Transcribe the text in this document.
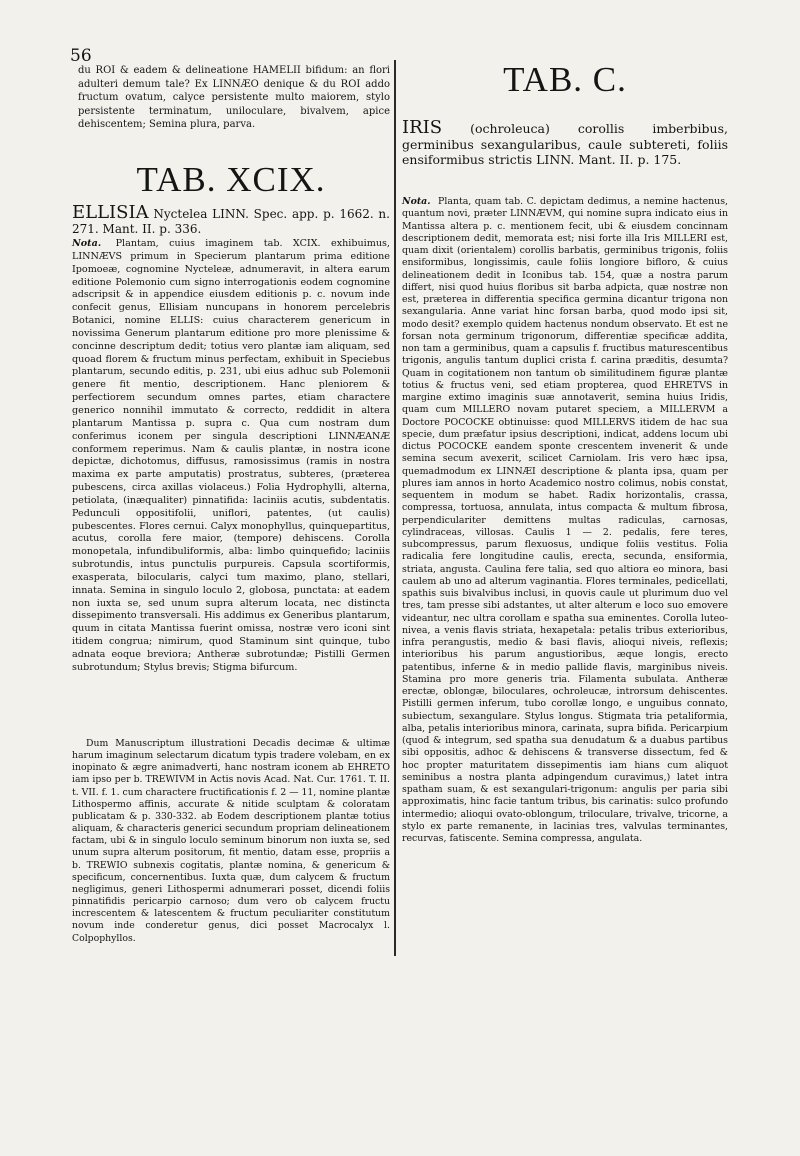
56

du ROI & eadem & delineatione HAMELII bifidum: an flori adulteri demum tale? Ex LINNÆO denique & du ROI addo fructum ovatum, calyce persistente multo maiorem, stylo persistente terminatum, uniloculare, bivalvem, apice dehiscentem; Semina plura, parva.

TAB. XCIX.

ELLISIA Nyctelea LINN. Spec. app. p. 1662. n. 271. Mant. II. p. 336.

Nota. Plantam, cuius imaginem tab. XCIX. exhibuimus, LINNÆVS primum in Specierum plantarum prima editione Ipomoeæ, cognomine Nycteleæ, adnumeravit, in altera earum editione Polemonio cum signo interrogationis eodem cognomine adscripsit & in appendice eiusdem editionis p. c. novum inde confecit genus, Ellisiam nuncupans in honorem percelebris Botanici, nomine ELLIS: cuius characterem genericum in novissima Generum plantarum editione pro more plenissime & concinne descriptum dedit; totius vero plantæ iam aliquam, sed quoad florem & fructum minus perfectam, exhibuit in Speciebus plantarum, secundo editis, p. 231, ubi eius adhuc sub Polemonii genere fit mentio, descriptionem. Hanc pleniorem & perfectiorem secundum omnes partes, etiam charactere generico nonnihil immutato & correcto, reddidit in altera plantarum Mantissa p. supra c. Qua cum nostram dum conferimus iconem per singula descriptioni LINNÆANÆ conformem reperimus. Nam & caulis plantæ, in nostra icone depictæ, dichotomus, diffusus, ramosissimus (ramis in nostra maxima ex parte amputatis) prostratus, subteres, (præterea pubescens, circa axillas violaceus.) Folia Hydrophylli, alterna, petiolata, (inæqualiter) pinnatifida: laciniis acutis, subdentatis. Pedunculi oppositifolii, uniflori, patentes, (ut caulis) pubescentes. Flores cernui. Calyx monophyllus, quinquepartitus, acutus, corolla fere maior, (tempore) dehiscens. Corolla monopetala, infundibuliformis, alba: limbo quinquefido; laciniis subrotundis, intus punctulis purpureis. Capsula scortiformis, exasperata, bilocularis, calyci tum maximo, plano, stellari, innata. Semina in singulo loculo 2, globosa, punctata: at eadem non iuxta se, sed unum supra alterum locata, nec distincta dissepimento transversali. His addimus ex Generibus plantarum, quum in citata Mantissa fuerint omissa, nostræ vero iconi sint itidem congrua; nimirum, quod Staminum sint quinque, tubo adnata eoque breviora; Antheræ subrotundæ; Pistilli Germen subrotundum; Stylus brevis; Stigma bifurcum.

Dum Manuscriptum illustrationi Decadis decimæ & ultimæ harum imaginum selectarum dicatum typis tradere volebam, en ex inopinato & ægre animadverti, hanc nostram iconem ab EHRETO iam ipso per b. TREWIVM in Actis novis Acad. Nat. Cur. 1761. T. II. t. VII. f. 1. cum charactere fructificationis f. 2 — 11, nomine plantæ Lithospermo affinis, accurate & nitide sculptam & coloratam publicatam & p. 330-332. ab Eodem descriptionem plantæ totius aliquam, & characteris generici secundum propriam delineationem factam, ubi & in singulo loculo seminum binorum non iuxta se, sed unum supra alterum positorum, fit mentio, datam esse, propriis a b. TREWIO subnexis cogitatis, plantæ nomina, & genericum & specificum, concernentibus. Iuxta quæ, dum calycem & fructum negligimus, generi Lithospermi adnumerari posset, dicendi foliis pinnatifidis pericarpio carnoso; dum vero ob calycem fructu increscentem & latescentem & fructum peculiariter constitutum novum inde conderetur genus, dici posset Macrocalyx l. Colpophyllos.

TAB. C.

IRIS (ochroleuca) corollis imberbibus, germinibus sexangularibus, caule subtereti, foliis ensiformibus strictis LINN. Mant. II. p. 175.

Nota. Planta, quam tab. C. depictam dedimus, a nemine hactenus, quantum novi, præter LINNÆVM, qui nomine supra indicato eius in Mantissa altera p. c. mentionem fecit, ubi & eiusdem concinnam descriptionem dedit, memorata est; nisi forte illa Iris MILLERI est, quam dixit (orientalem) corollis barbatis, germinibus trigonis, foliis ensiformibus, longissimis, caule foliis longiore bifloro, & cuius delineationem dedit in Iconibus tab. 154, quæ a nostra parum differt, nisi quod huius floribus sit barba adpicta, quæ nostræ non est, præterea in differentia specifica germina dicantur trigona non sexangularia. Anne variat hinc forsan barba, quod modo ipsi sit, modo desit? exemplo quidem hactenus nondum observato. Et est ne forsan nota germinum trigonorum, differentiæ specificæ addita, non tam a germinibus, quam a capsulis f. fructibus maturescentibus trigonis, angulis tantum duplici crista f. carina præditis, desumta? Quam in cogitationem non tantum ob similitudinem figuræ plantæ totius & fructus veni, sed etiam propterea, quod EHRETVS in margine extimo imaginis suæ annotaverit, semina huius Iridis, quam cum MILLERO novam putaret speciem, a MILLERVM a Doctore POCOCKE obtinuisse: quod MILLERVS itidem de hac sua specie, dum præfatur ipsius descriptioni, indicat, addens locum ubi dictus POCOCKE eandem sponte crescentem invenerit & unde semina secum avexerit, scilicet Carniolam. Iris vero hæc ipsa, quemadmodum ex LINNÆI descriptione & planta ipsa, quam per plures iam annos in horto Academico nostro colimus, nobis constat, sequentem in modum se habet. Radix horizontalis, crassa, compressa, tortuosa, annulata, intus compacta & multum fibrosa, perpendiculariter demittens multas radiculas, carnosas, cylindraceas, villosas. Caulis 1 — 2. pedalis, fere teres, subcompressus, parum flexuosus, undique foliis vestitus. Folia radicalia fere longitudine caulis, erecta, secunda, ensiformia, striata, angusta. Caulina fere talia, sed quo altiora eo minora, basi caulem ab uno ad alterum vaginantia. Flores terminales, pedicellati, spathis suis bivalvibus inclusi, in quovis caule ut plurimum duo vel tres, tam presse sibi adstantes, ut alter alterum e loco suo emovere videantur, nec ultra corollam e spatha sua eminentes. Corolla luteo-nivea, a venis flavis striata, hexapetala: petalis tribus exterioribus, infra perangustis, medio & basi flavis, alioqui niveis, reflexis; interioribus his parum angustioribus, æque longis, erecto patentibus, inferne & in medio pallide flavis, marginibus niveis. Stamina pro more generis tria. Filamenta subulata. Antheræ erectæ, oblongæ, biloculares, ochroleucæ, introrsum dehiscentes. Pistilli germen inferum, tubo corollæ longo, e unguibus connato, subiectum, sexangulare. Stylus longus. Stigmata tria petaliformia, alba, petalis interioribus minora, carinata, supra bifida. Pericarpium (quod & integrum, sed spatha sua denudatum & a duabus partibus sibi oppositis, adhoc & dehiscens & transverse dissectum, fed & hoc propter maturitatem dissepimentis iam hians cum aliquot seminibus a nostra planta adpingendum curavimus,) latet intra spatham suam, & est sexangulari-trigonum: angulis per paria sibi approximatis, hinc facie tantum tribus, bis carinatis: sulco profundo intermedio; alioqui ovato-oblongum, triloculare, trivalve, tricorne, a stylo ex parte remanente, in lacinias tres, valvulas terminantes, recurvas, fatiscente. Semina compressa, angulata.
